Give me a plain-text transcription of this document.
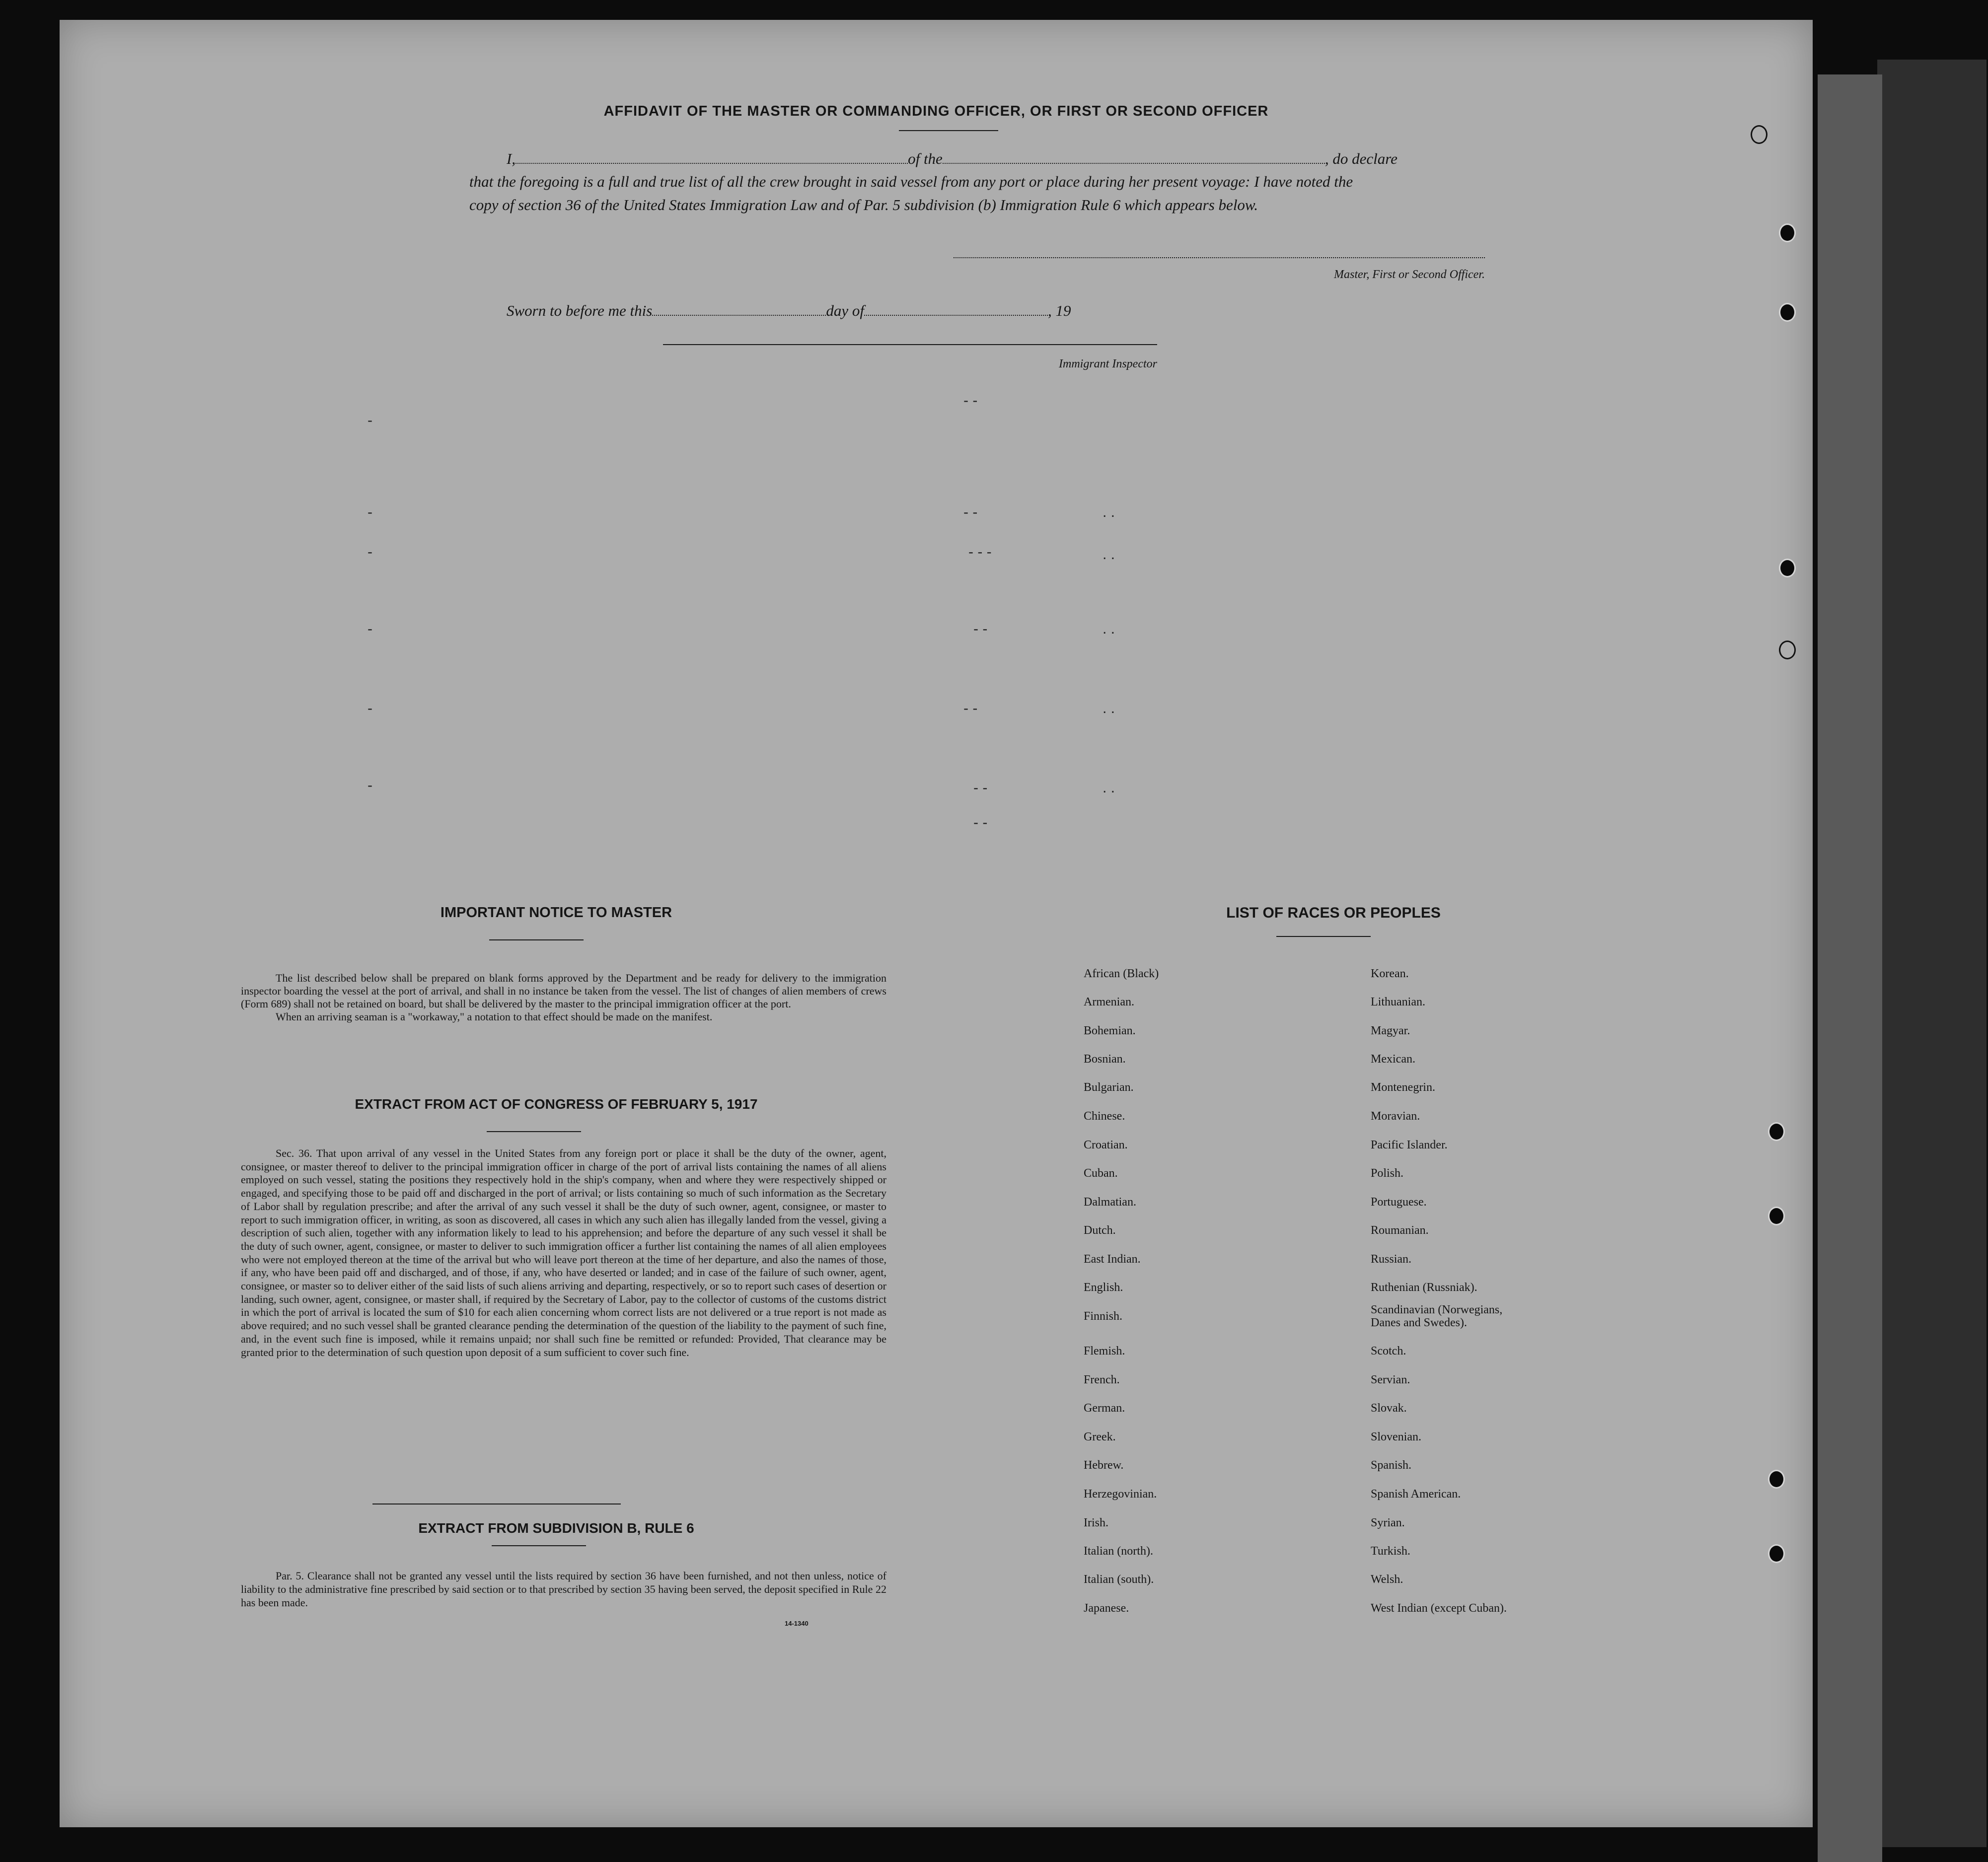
AFFIDAVIT OF THE MASTER OR COMMANDING OFFICER, OR FIRST OR SECOND OFFICER
I,	of the	, do declare
that the foregoing is a full and true list of all the crew brought in said vessel from any port or place during her present voyage: I have noted the
copy of section 36 of the United States Immigration Law and of Par. 5 subdivision (b) Immigration Rule 6 which appears below.
Master, First or Second Officer.
Sworn to before me this	day of	, 19
Immigrant Inspector
-
-
-
-
-
-
- -
- -
- - -
- -
- -
- -
- -
. .
. .
. .
. .
. .
IMPORTANT NOTICE TO MASTER

The list described below shall be prepared on blank forms approved by the Department and be ready for delivery to the immigration inspector boarding the vessel at the port of arrival, and shall in no instance be taken from the vessel. The list of changes of alien members of crews (Form 689) shall not be retained on board, but shall be delivered by the master to the principal immigration officer at the port.

When an arriving seaman is a "workaway," a notation to that effect should be made on the manifest.

EXTRACT FROM ACT OF CONGRESS OF FEBRUARY 5, 1917

Sec. 36. That upon arrival of any vessel in the United States from any foreign port or place it shall be the duty of the owner, agent, consignee, or master thereof to deliver to the principal immigration officer in charge of the port of arrival lists containing the names of all aliens employed on such vessel, stating the positions they respectively hold in the ship's company, when and where they were respectively shipped or engaged, and specifying those to be paid off and discharged in the port of arrival; or lists containing so much of such information as the Secretary of Labor shall by regulation prescribe; and after the arrival of any such vessel it shall be the duty of such owner, agent, consignee, or master to report to such immigration officer, in writing, as soon as discovered, all cases in which any such alien has illegally landed from the vessel, giving a description of such alien, together with any information likely to lead to his apprehension; and before the departure of any such vessel it shall be the duty of such owner, agent, consignee, or master to deliver to such immigration officer a further list containing the names of all alien employees who were not employed thereon at the time of the arrival but who will leave port thereon at the time of her departure, and also the names of those, if any, who have been paid off and discharged, and of those, if any, who have deserted or landed; and in case of the failure of such owner, agent, consignee, or master so to deliver either of the said lists of such aliens arriving and departing, respectively, or so to report such cases of desertion or landing, such owner, agent, consignee, or master shall, if required by the Secretary of Labor, pay to the collector of customs of the customs district in which the port of arrival is located the sum of $10 for each alien concerning whom correct lists are not delivered or a true report is not made as above required; and no such vessel shall be granted clearance pending the determination of the question of the liability to the payment of such fine, and, in the event such fine is imposed, while it remains unpaid; nor shall such fine be remitted or refunded: Provided, That clearance may be granted prior to the determination of such question upon deposit of a sum sufficient to cover such fine.

EXTRACT FROM SUBDIVISION B, RULE 6

Par. 5. Clearance shall not be granted any vessel until the lists required by section 36 have been furnished, and not then unless, notice of liability to the administrative fine prescribed by said section or to that prescribed by section 35 having been served, the deposit specified in Rule 22 has been made.

14-1340
LIST OF RACES OR PEOPLES
African (Black)
Armenian.
Bohemian.
Bosnian.
Bulgarian.
Chinese.
Croatian.
Cuban.
Dalmatian.
Dutch.
East Indian.
English.
Finnish.
Flemish.
French.
German.
Greek.
Hebrew.
Herzegovinian.
Irish.
Italian (north).
Italian (south).
Japanese.
Korean.
Lithuanian.
Magyar.
Mexican.
Montenegrin.
Moravian.
Pacific Islander.
Polish.
Portuguese.
Roumanian.
Russian.
Ruthenian (Russniak).
Scandinavian (Norwegians, Danes and Swedes).
Scotch.
Servian.
Slovak.
Slovenian.
Spanish.
Spanish American.
Syrian.
Turkish.
Welsh.
West Indian (except Cuban).
